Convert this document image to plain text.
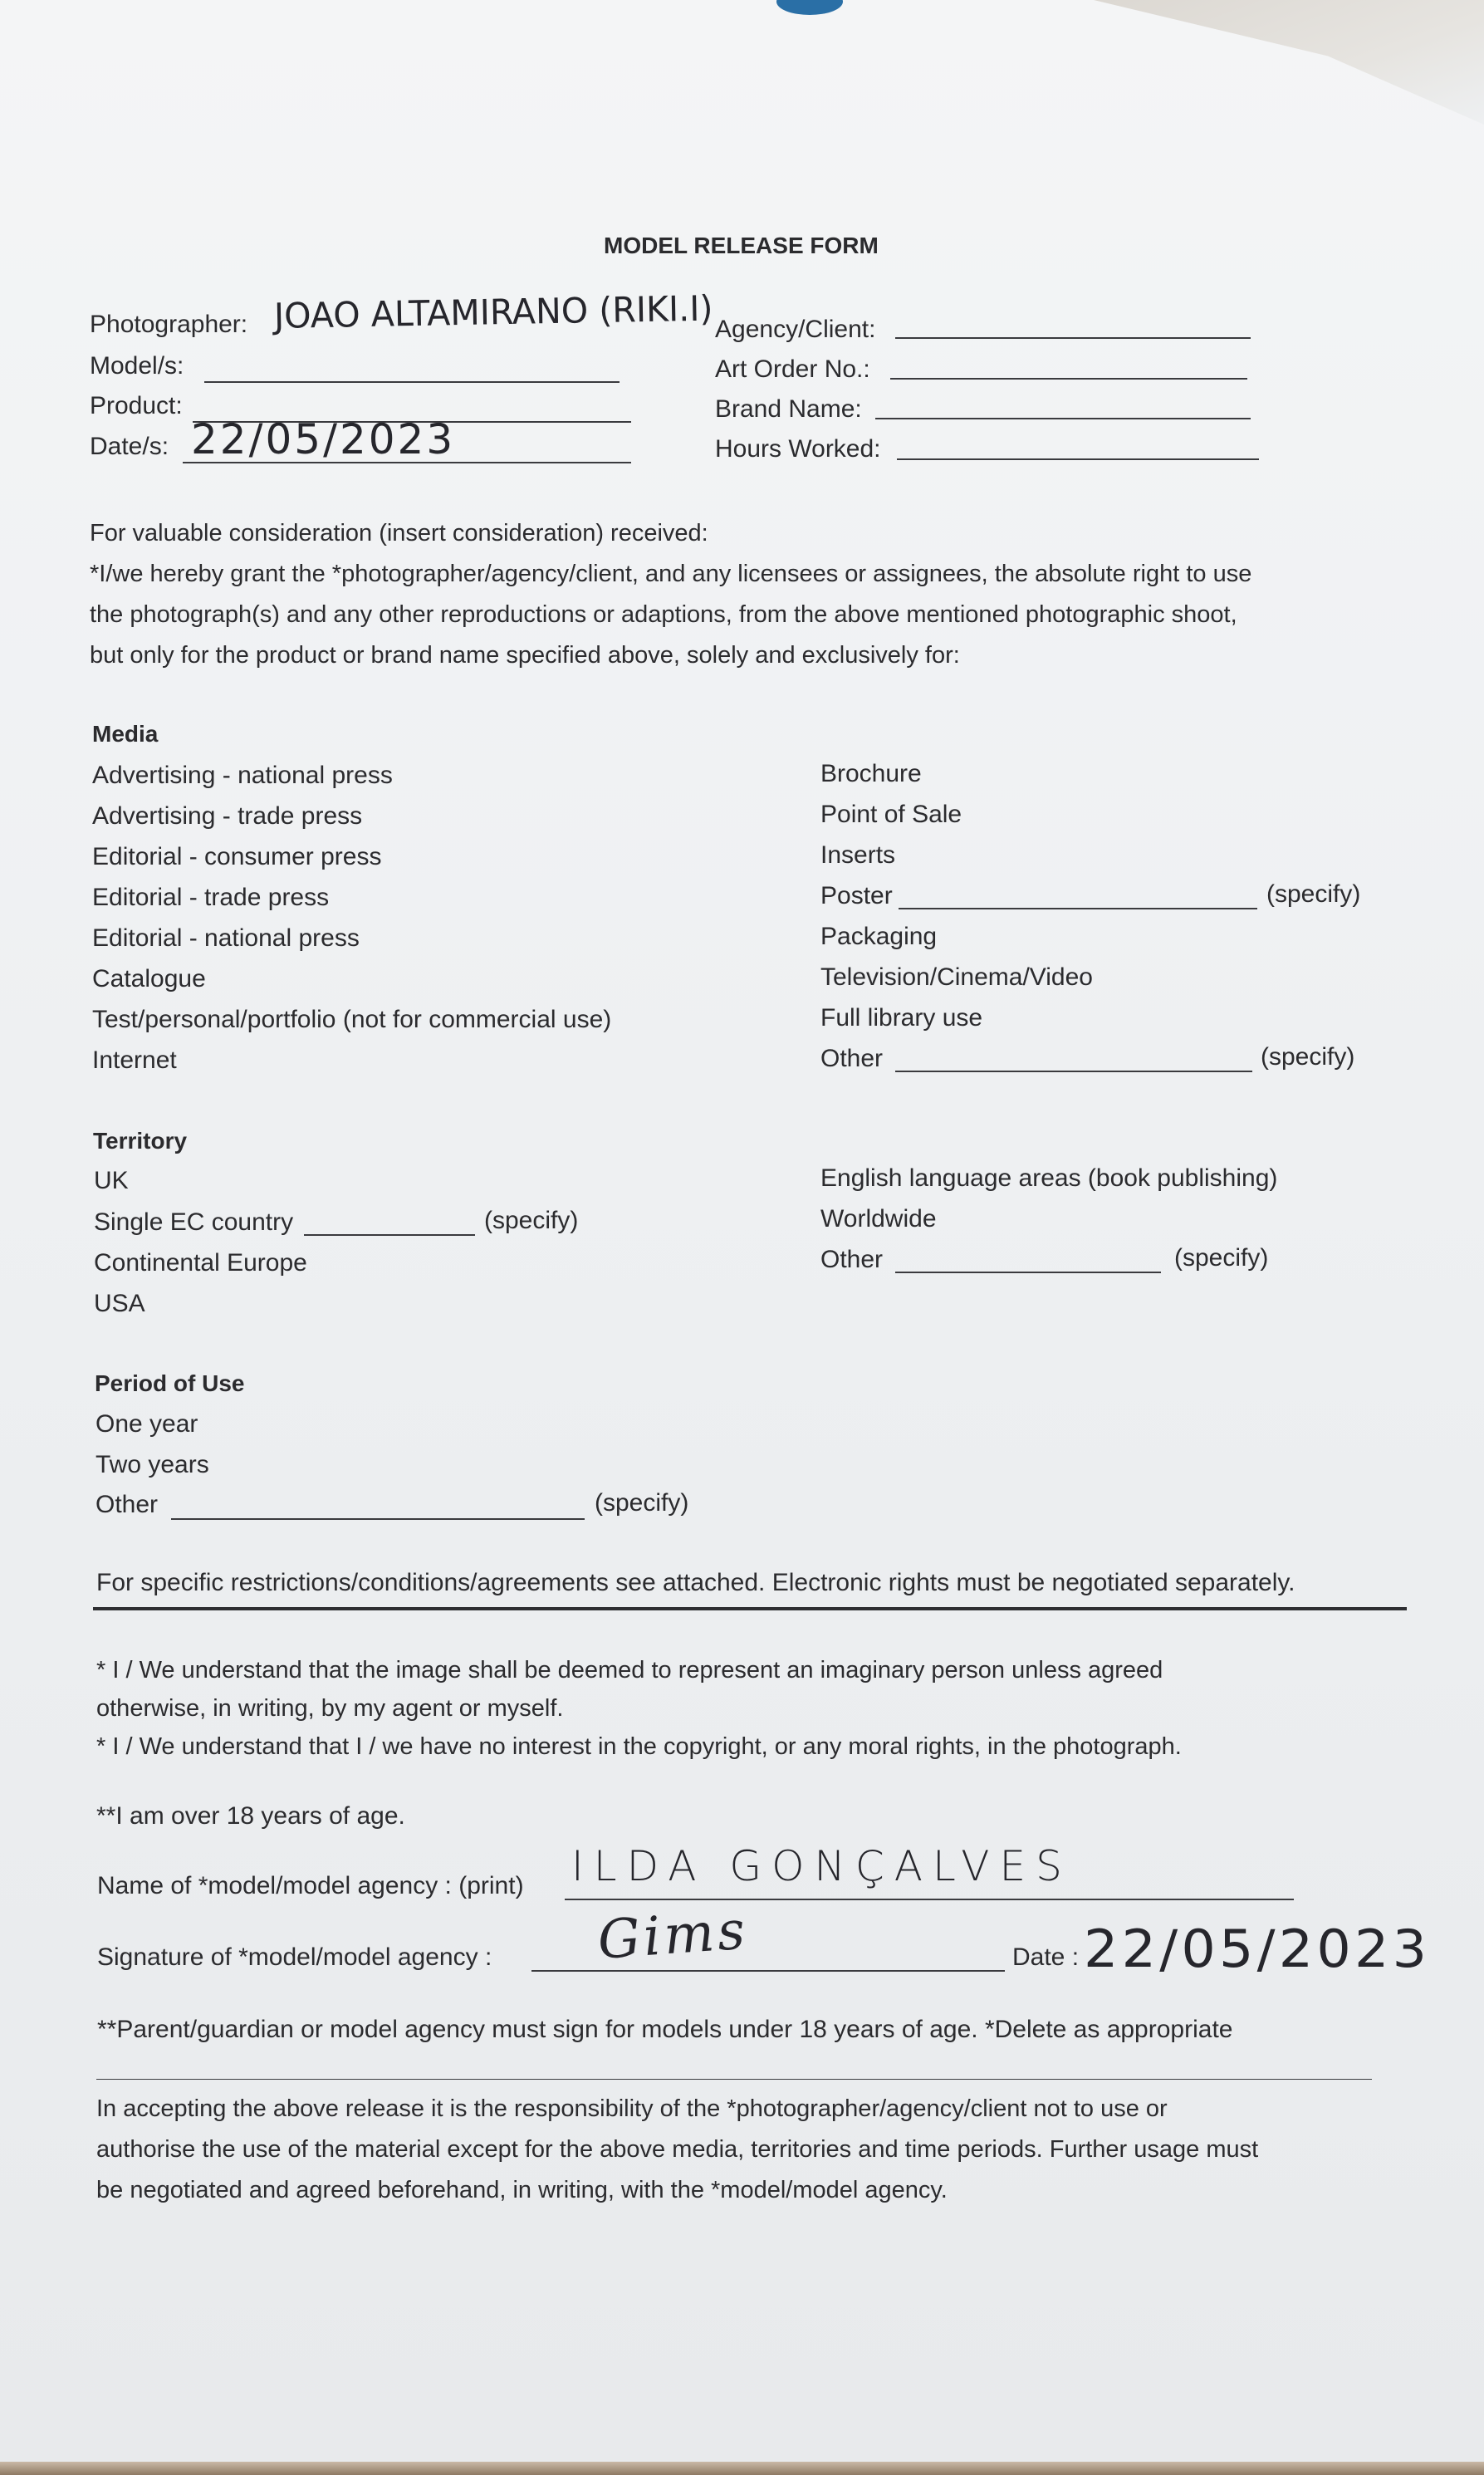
MODEL RELEASE FORM
Photographer: JOAO ALTAMIRANO (RIKI.I)
Model/s:
Product:
Date/s: 22/05/2023
Agency/Client:
Art Order No.:
Brand Name:
Hours Worked:
For valuable consideration (insert consideration) received:
*I/we hereby grant the *photographer/agency/client, and any licensees or assignees, the absolute right to use
the photograph(s) and any other reproductions or adaptions, from the above mentioned photographic shoot,
but only for the product or brand name specified above, solely and exclusively for:
Media
Advertising - national press
Advertising - trade press
Editorial - consumer press
Editorial - trade press
Editorial - national press
Catalogue
Test/personal/portfolio (not for commercial use)
Internet
Brochure
Point of Sale
Inserts
Poster	(specify)
Packaging
Television/Cinema/Video
Full library use
Other	(specify)
Territory
UK
Single EC country	(specify)
Continental Europe
USA
English language areas (book publishing)
Worldwide
Other	(specify)
Period of Use
One year
Two years
Other	(specify)
For specific restrictions/conditions/agreements see attached. Electronic rights must be negotiated separately.
* I / We understand that the image shall be deemed to represent an imaginary person unless agreed
otherwise, in writing, by my agent or myself.
* I / We understand that I / we have no interest in the copyright, or any moral rights, in the photograph.
**I am over 18 years of age.
Name of *model/model agency : (print) ILDA GONÇALVES
Signature of *model/model agency : Gims	Date : 22/05/2023
**Parent/guardian or model agency must sign for models under 18 years of age. *Delete as appropriate
In accepting the above release it is the responsibility of the *photographer/agency/client not to use or
authorise the use of the material except for the above media, territories and time periods. Further usage must
be negotiated and agreed beforehand, in writing, with the *model/model agency.
